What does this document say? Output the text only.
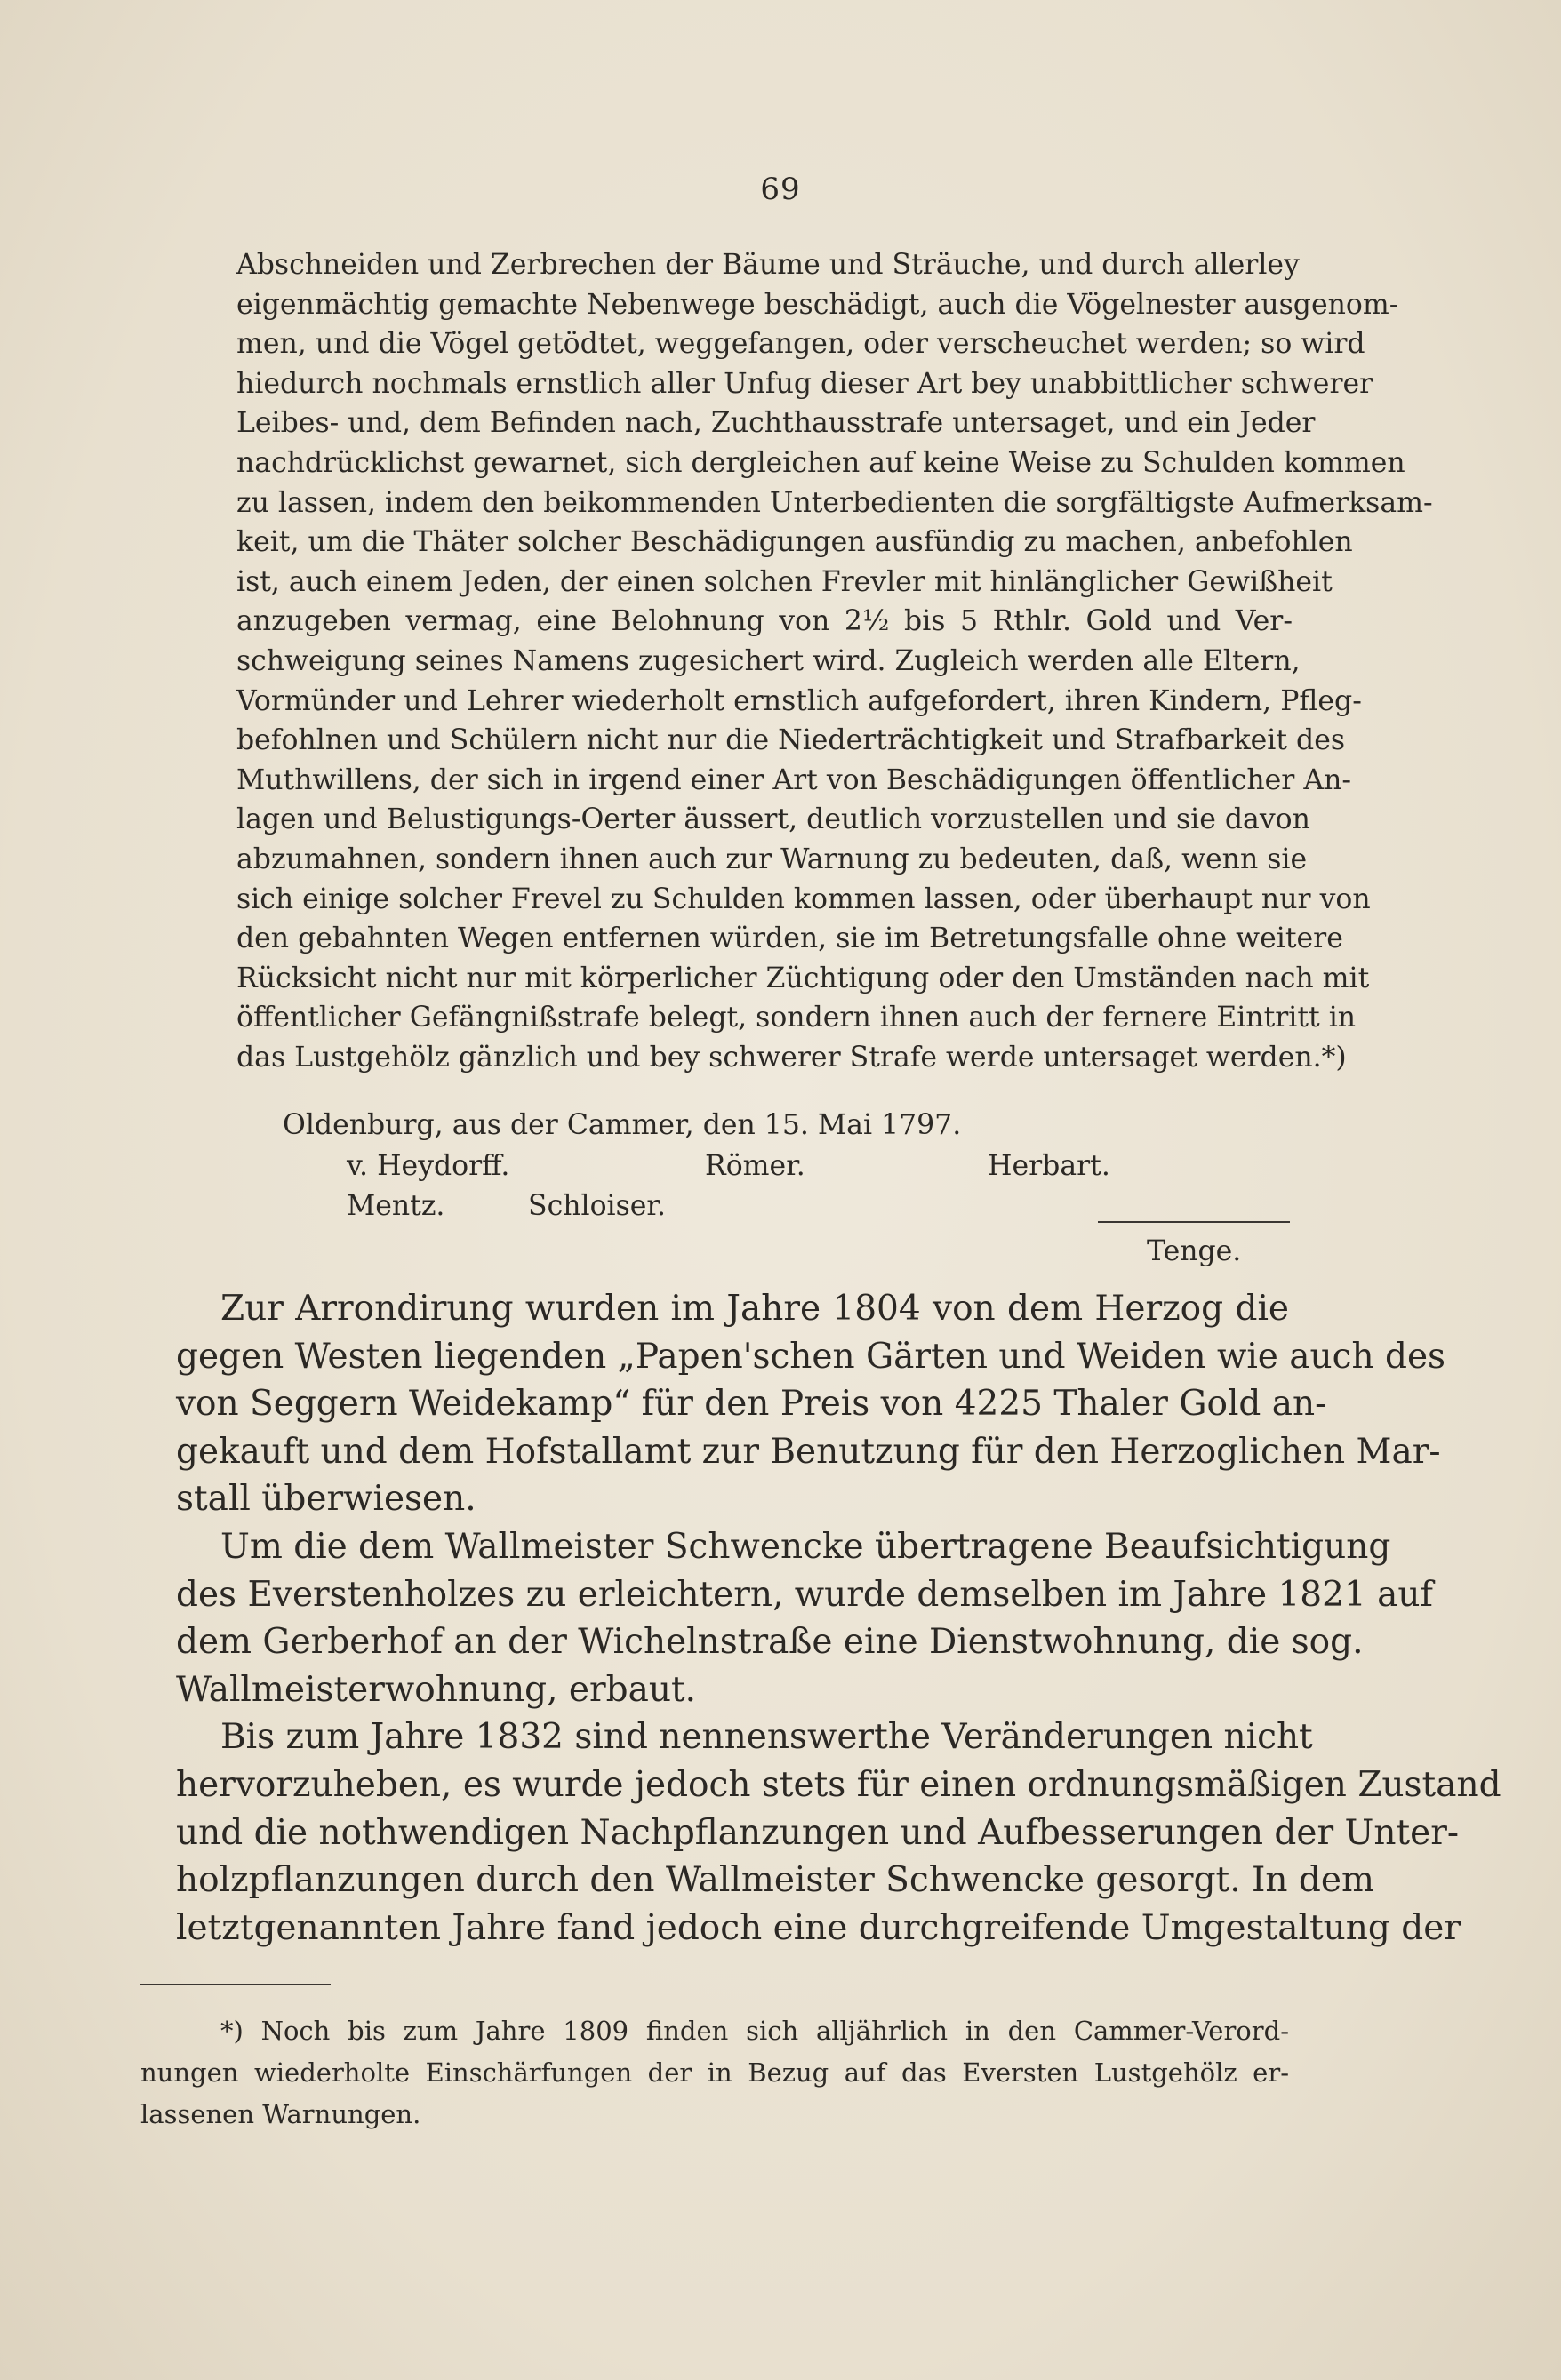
69
Abschneiden und Zerbrechen der Bäume und Sträuche, und durch allerley
eigenmächtig gemachte Nebenwege beschädigt, auch die Vögelnester ausgenom-
men, und die Vögel getödtet, weggefangen, oder verscheuchet werden; so wird
hiedurch nochmals ernstlich aller Unfug dieser Art bey unabbittlicher schwerer
Leibes- und, dem Befinden nach, Zuchthausstrafe untersaget, und ein Jeder
nachdrücklichst gewarnet, sich dergleichen auf keine Weise zu Schulden kommen
zu lassen, indem den beikommenden Unterbedienten die sorgfältigste Aufmerksam-
keit, um die Thäter solcher Beschädigungen ausfündig zu machen, anbefohlen
ist, auch einem Jeden, der einen solchen Frevler mit hinlänglicher Gewißheit
anzugeben vermag, eine Belohnung von 2½ bis 5 Rthlr. Gold und Ver-
schweigung seines Namens zugesichert wird. Zugleich werden alle Eltern,
Vormünder und Lehrer wiederholt ernstlich aufgefordert, ihren Kindern, Pfleg-
befohlnen und Schülern nicht nur die Niederträchtigkeit und Strafbarkeit des
Muthwillens, der sich in irgend einer Art von Beschädigungen öffentlicher An-
lagen und Belustigungs-Oerter äussert, deutlich vorzustellen und sie davon
abzumahnen, sondern ihnen auch zur Warnung zu bedeuten, daß, wenn sie
sich einige solcher Frevel zu Schulden kommen lassen, oder überhaupt nur von
den gebahnten Wegen entfernen würden, sie im Betretungsfalle ohne weitere
Rücksicht nicht nur mit körperlicher Züchtigung oder den Umständen nach mit
öffentlicher Gefängnißstrafe belegt, sondern ihnen auch der fernere Eintritt in
das Lustgehölz gänzlich und bey schwerer Strafe werde untersaget werden.*)
Oldenburg, aus der Cammer, den 15. Mai 1797.
v. Heydorff.	Römer.	Herbart.
Mentz.	Schloiser.
Tenge.
Zur Arrondirung wurden im Jahre 1804 von dem Herzog die
gegen Westen liegenden „Papen'schen Gärten und Weiden wie auch des
von Seggern Weidekamp“ für den Preis von 4225 Thaler Gold an-
gekauft und dem Hofstallamt zur Benutzung für den Herzoglichen Mar-
stall überwiesen.
Um die dem Wallmeister Schwencke übertragene Beaufsichtigung
des Everstenholzes zu erleichtern, wurde demselben im Jahre 1821 auf
dem Gerberhof an der Wichelnstraße eine Dienstwohnung, die sog.
Wallmeisterwohnung, erbaut.
Bis zum Jahre 1832 sind nennenswerthe Veränderungen nicht
hervorzuheben, es wurde jedoch stets für einen ordnungsmäßigen Zustand
und die nothwendigen Nachpflanzungen und Aufbesserungen der Unter-
holzpflanzungen durch den Wallmeister Schwencke gesorgt. In dem
letztgenannten Jahre fand jedoch eine durchgreifende Umgestaltung der
*) Noch bis zum Jahre 1809 finden sich alljährlich in den Cammer-Verord-
nungen wiederholte Einschärfungen der in Bezug auf das Eversten Lustgehölz er-
lassenen Warnungen.
